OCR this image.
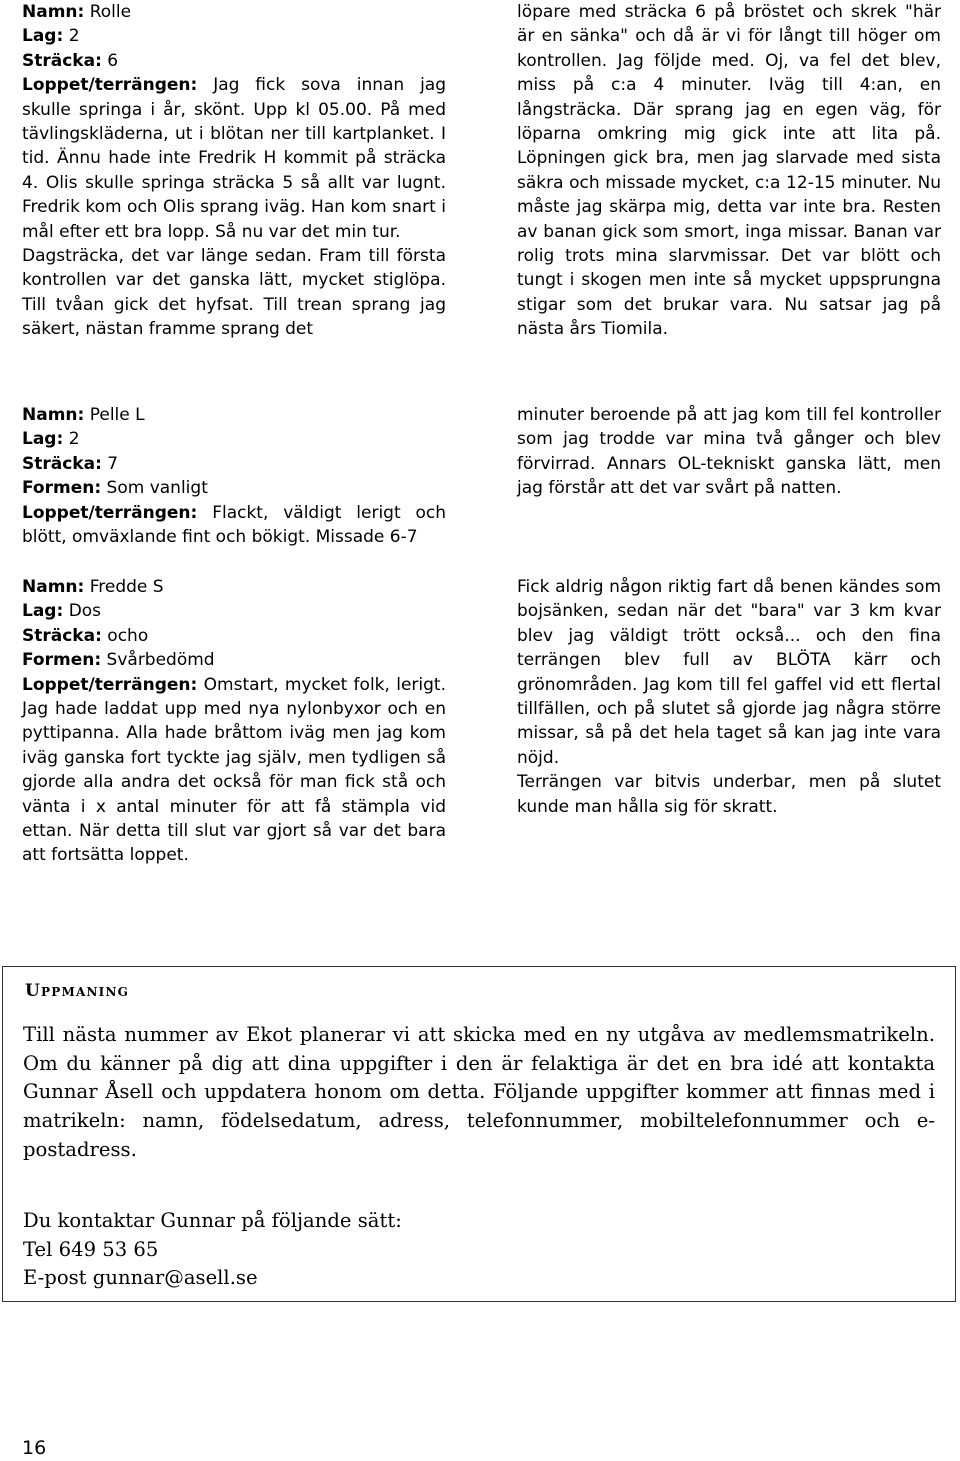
Namn: Rolle
Lag: 2
Sträcka: 6

Loppet/terrängen: Jag fick sova innan jag skulle springa i år, skönt. Upp kl 05.00. På med tävlingskläderna, ut i blötan ner till kartplanket. I tid. Ännu hade inte Fredrik H kommit på sträcka 4. Olis skulle springa sträcka 5 så allt var lugnt. Fredrik kom och Olis sprang iväg. Han kom snart i mål efter ett bra lopp. Så nu var det min tur.

Dagsträcka, det var länge sedan. Fram till första kontrollen var det ganska lätt, mycket stiglöpa. Till tvåan gick det hyfsat. Till trean sprang jag säkert, nästan framme sprang det

löpare med sträcka 6 på bröstet och skrek "här är en sänka" och då är vi för långt till höger om kontrollen. Jag följde med. Oj, va fel det blev, miss på c:a 4 minuter. Iväg till 4:an, en långsträcka. Där sprang jag en egen väg, för löparna omkring mig gick inte att lita på. Löpningen gick bra, men jag slarvade med sista säkra och missade mycket, c:a 12-15 minuter. Nu måste jag skärpa mig, detta var inte bra. Resten av banan gick som smort, inga missar. Banan var rolig trots mina slarvmissar. Det var blött och tungt i skogen men inte så mycket uppsprungna stigar som det brukar vara. Nu satsar jag på nästa års Tiomila.

Namn: Pelle L
Lag: 2
Sträcka: 7
Formen: Som vanligt

Loppet/terrängen: Flackt, väldigt lerigt och blött, omväxlande fint och bökigt. Missade 6-7

minuter beroende på att jag kom till fel kontroller som jag trodde var mina två gånger och blev förvirrad. Annars OL-tekniskt ganska lätt, men jag förstår att det var svårt på natten.

Namn: Fredde S
Lag: Dos
Sträcka: ocho
Formen: Svårbedömd

Loppet/terrängen: Omstart, mycket folk, lerigt. Jag hade laddat upp med nya nylonbyxor och en pyttipanna. Alla hade bråttom iväg men jag kom iväg ganska fort tyckte jag själv, men tydligen så gjorde alla andra det också för man fick stå och vänta i x antal minuter för att få stämpla vid ettan. När detta till slut var gjort så var det bara att fortsätta loppet.

Fick aldrig någon riktig fart då benen kändes som bojsänken, sedan när det "bara" var 3 km kvar blev jag väldigt trött också... och den fina terrängen blev full av BLÖTA kärr och grönområden. Jag kom till fel gaffel vid ett flertal tillfällen, och på slutet så gjorde jag några större missar, så på det hela taget så kan jag inte vara nöjd.

Terrängen var bitvis underbar, men på slutet kunde man hålla sig för skratt.

Uppmaning
Till nästa nummer av Ekot planerar vi att skicka med en ny utgåva av medlemsmatrikeln. Om du känner på dig att dina uppgifter i den är felaktiga är det en bra idé att kontakta Gunnar Åsell och uppdatera honom om detta. Följande uppgifter kommer att finnas med i matrikeln: namn, födelsedatum, adress, telefonnummer, mobiltelefonnummer och e-postadress.
Du kontaktar Gunnar på följande sätt:
Tel 649 53 65
E-post gunnar@asell.se
16
